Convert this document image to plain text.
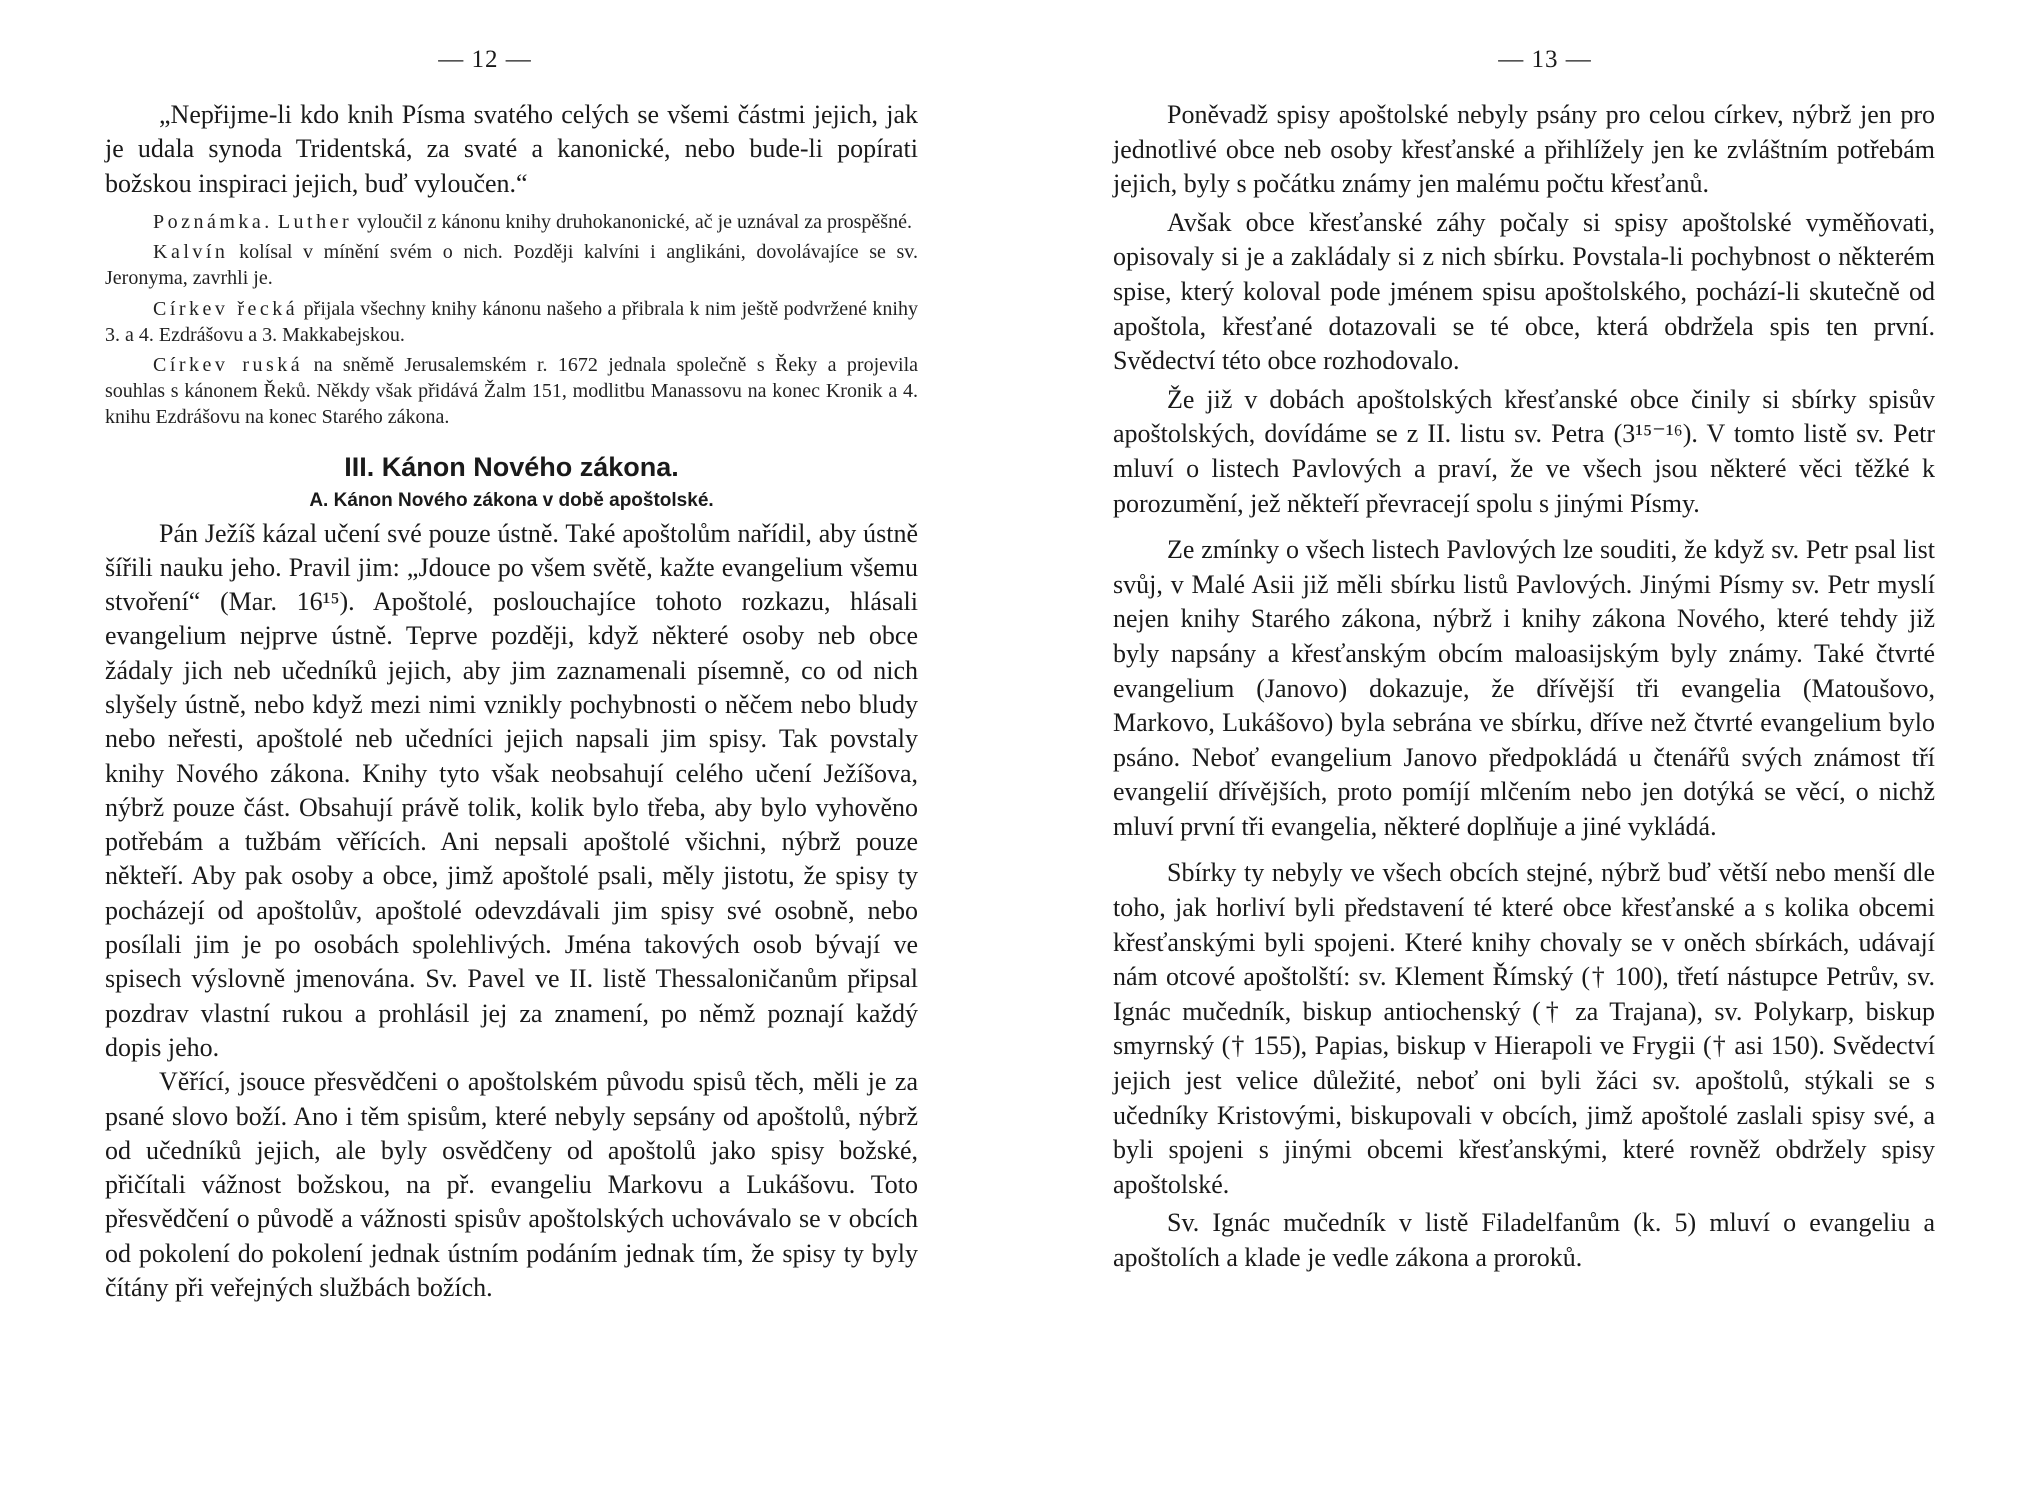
— 12 —

„Nepřijme-li kdo knih Písma svatého celých se všemi částmi jejich, jak je udala synoda Tridentská, za svaté a kanonické, nebo bude-li popírati božskou inspiraci jejich, buď vyloučen.“

Poznámka. Luther vyloučil z kánonu knihy druhokanonické, ač je uznával za prospěšné.

Kalvín kolísal v mínění svém o nich. Později kalvíni i anglikáni, dovolávajíce se sv. Jeronyma, zavrhli je.

Církev řecká přijala všechny knihy kánonu našeho a přibrala k nim ještě podvržené knihy 3. a 4. Ezdrášovu a 3. Makkabejskou.

Církev ruská na sněmě Jerusalemském r. 1672 jednala společně s Řeky a projevila souhlas s kánonem Řeků. Někdy však přidává Žalm 151, modlitbu Manassovu na konec Kronik a 4. knihu Ezdrášovu na konec Starého zákona.

III. Kánon Nového zákona.
A. Kánon Nového zákona v době apoštolské.

Pán Ježíš kázal učení své pouze ústně. Také apoštolům nařídil, aby ústně šířili nauku jeho. Pravil jim: „Jdouce po všem světě, kažte evangelium všemu stvoření“ (Mar. 16¹⁵). Apoštolé, poslouchajíce tohoto rozkazu, hlásali evangelium nejprve ústně. Teprve později, když některé osoby neb obce žádaly jich neb učedníků jejich, aby jim zaznamenali písemně, co od nich slyšely ústně, nebo když mezi nimi vznikly pochybnosti o něčem nebo bludy nebo neřesti, apoštolé neb učedníci jejich napsali jim spisy. Tak povstaly knihy Nového zákona. Knihy tyto však neobsahují celého učení Ježíšova, nýbrž pouze část. Obsahují právě tolik, kolik bylo třeba, aby bylo vyhověno potřebám a tužbám věřících. Ani nepsali apoštolé všichni, nýbrž pouze někteří. Aby pak osoby a obce, jimž apoštolé psali, měly jistotu, že spisy ty pocházejí od apoštolův, apoštolé odevzdávali jim spisy své osobně, nebo posílali jim je po osobách spolehlivých. Jména takových osob bývají ve spisech výslovně jmenována. Sv. Pavel ve II. listě Thessaloničanům připsal pozdrav vlastní rukou a prohlásil jej za znamení, po němž poznají každý dopis jeho.

Věřící, jsouce přesvědčeni o apoštolském původu spisů těch, měli je za psané slovo boží. Ano i těm spisům, které nebyly sepsány od apoštolů, nýbrž od učedníků jejich, ale byly osvědčeny od apoštolů jako spisy božské, přičítali vážnost božskou, na př. evangeliu Markovu a Lukášovu. Toto přesvědčení o původě a vážnosti spisův apoštolských uchovávalo se v obcích od pokolení do pokolení jednak ústním podáním jednak tím, že spisy ty byly čítány při veřejných službách božích.

— 13 —

Poněvadž spisy apoštolské nebyly psány pro celou církev, nýbrž jen pro jednotlivé obce neb osoby křesťanské a přihlížely jen ke zvláštním potřebám jejich, byly s počátku známy jen malému počtu křesťanů.

Avšak obce křesťanské záhy počaly si spisy apoštolské vyměňovati, opisovaly si je a zakládaly si z nich sbírku. Povstala-li pochybnost o některém spise, který koloval pode jménem spisu apoštolského, pochází-li skutečně od apoštola, křesťané dotazovali se té obce, která obdržela spis ten první. Svědectví této obce rozhodovalo.

Že již v dobách apoštolských křesťanské obce činily si sbírky spisův apoštolských, dovídáme se z II. listu sv. Petra (3¹⁵⁻¹⁶). V tomto listě sv. Petr mluví o listech Pavlových a praví, že ve všech jsou některé věci těžké k porozumění, jež někteří převracejí spolu s jinými Písmy.

Ze zmínky o všech listech Pavlových lze souditi, že když sv. Petr psal list svůj, v Malé Asii již měli sbírku listů Pavlových. Jinými Písmy sv. Petr myslí nejen knihy Starého zákona, nýbrž i knihy zákona Nového, které tehdy již byly napsány a křesťanským obcím maloasijským byly známy. Také čtvrté evangelium (Janovo) dokazuje, že dřívější tři evangelia (Matoušovo, Markovo, Lukášovo) byla sebrána ve sbírku, dříve než čtvrté evangelium bylo psáno. Neboť evangelium Janovo předpokládá u čtenářů svých známost tří evangelií dřívějších, proto pomíjí mlčením nebo jen dotýká se věcí, o nichž mluví první tři evangelia, některé doplňuje a jiné vykládá.

Sbírky ty nebyly ve všech obcích stejné, nýbrž buď větší nebo menší dle toho, jak horliví byli představení té které obce křesťanské a s kolika obcemi křesťanskými byli spojeni. Které knihy chovaly se v oněch sbírkách, udávají nám otcové apoštolští: sv. Klement Římský († 100), třetí nástupce Petrův, sv. Ignác mučedník, biskup antiochenský († za Trajana), sv. Polykarp, biskup smyrnský († 155), Papias, biskup v Hierapoli ve Frygii († asi 150). Svědectví jejich jest velice důležité, neboť oni byli žáci sv. apoštolů, stýkali se s učedníky Kristovými, biskupovali v obcích, jimž apoštolé zaslali spisy své, a byli spojeni s jinými obcemi křesťanskými, které rovněž obdržely spisy apoštolské.

Sv. Ignác mučedník v listě Filadelfanům (k. 5) mluví o evangeliu a apoštolích a klade je vedle zákona a proroků.
